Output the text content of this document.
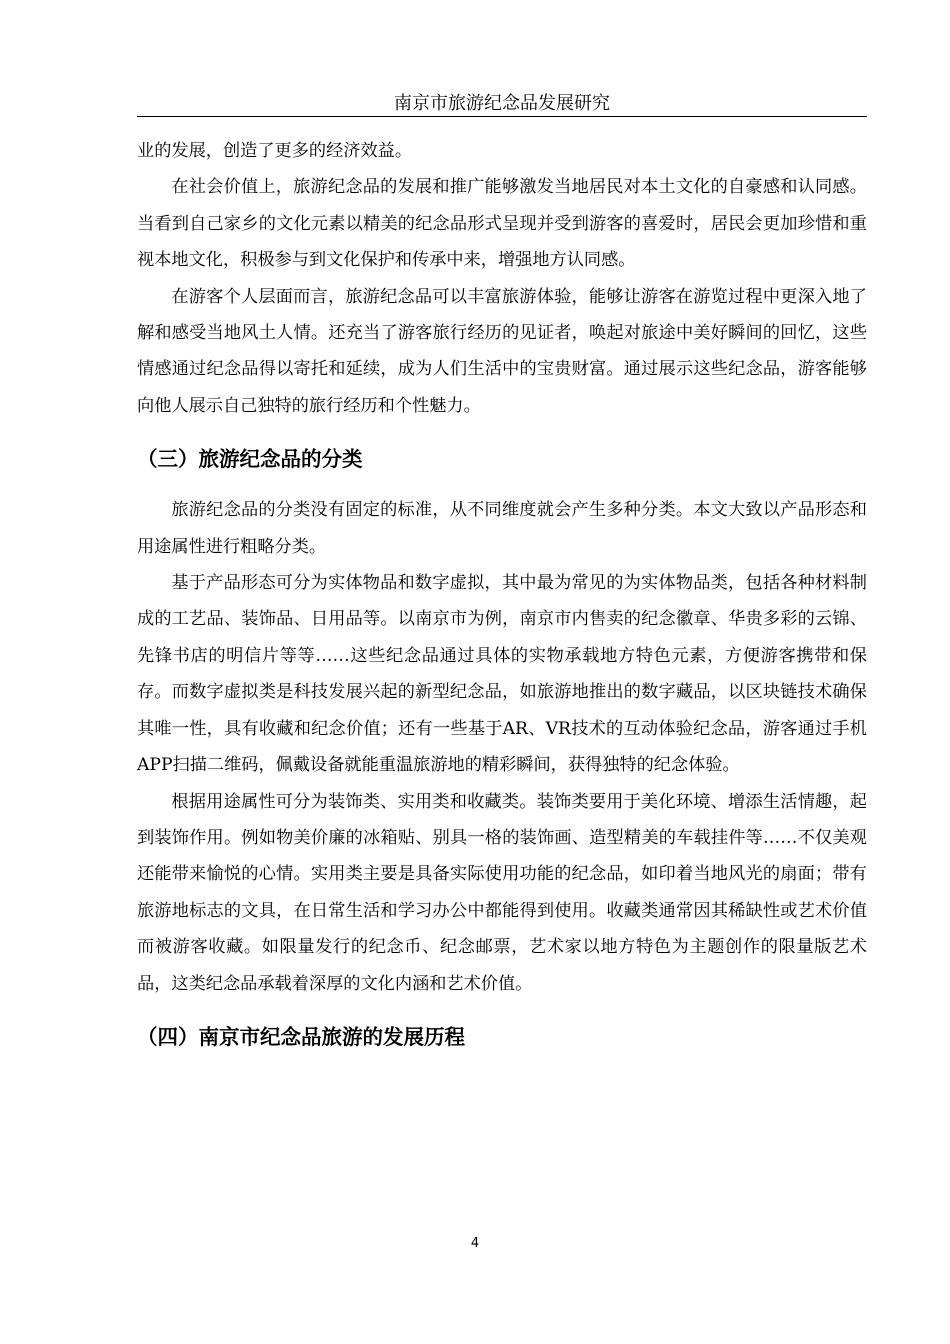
南京市旅游纪念品发展研究

业的发展，创造了更多的经济效益。

在社会价值上，旅游纪念品的发展和推广能够激发当地居民对本土文化的自豪感和认同感。当看到自己家乡的文化元素以精美的纪念品形式呈现并受到游客的喜爱时，居民会更加珍惜和重视本地文化，积极参与到文化保护和传承中来，增强地方认同感。

在游客个人层面而言，旅游纪念品可以丰富旅游体验，能够让游客在游览过程中更深入地了解和感受当地风土人情。还充当了游客旅行经历的见证者，唤起对旅途中美好瞬间的回忆，这些情感通过纪念品得以寄托和延续，成为人们生活中的宝贵财富。通过展示这些纪念品，游客能够向他人展示自己独特的旅行经历和个性魅力。

（三）旅游纪念品的分类

旅游纪念品的分类没有固定的标准，从不同维度就会产生多种分类。本文大致以产品形态和用途属性进行粗略分类。

基于产品形态可分为实体物品和数字虚拟，其中最为常见的为实体物品类，包括各种材料制成的工艺品、装饰品、日用品等。以南京市为例，南京市内售卖的纪念徽章、华贵多彩的云锦、先锋书店的明信片等等……这些纪念品通过具体的实物承载地方特色元素，方便游客携带和保存。而数字虚拟类是科技发展兴起的新型纪念品，如旅游地推出的数字藏品，以区块链技术确保其唯一性，具有收藏和纪念价值；还有一些基于AR、VR技术的互动体验纪念品，游客通过手机APP扫描二维码，佩戴设备就能重温旅游地的精彩瞬间，获得独特的纪念体验。

根据用途属性可分为装饰类、实用类和收藏类。装饰类要用于美化环境、增添生活情趣，起到装饰作用。例如物美价廉的冰箱贴、别具一格的装饰画、造型精美的车载挂件等……不仅美观还能带来愉悦的心情。实用类主要是具备实际使用功能的纪念品，如印着当地风光的扇面；带有旅游地标志的文具，在日常生活和学习办公中都能得到使用。收藏类通常因其稀缺性或艺术价值而被游客收藏。如限量发行的纪念币、纪念邮票，艺术家以地方特色为主题创作的限量版艺术品，这类纪念品承载着深厚的文化内涵和艺术价值。

（四）南京市纪念品旅游的发展历程
4
